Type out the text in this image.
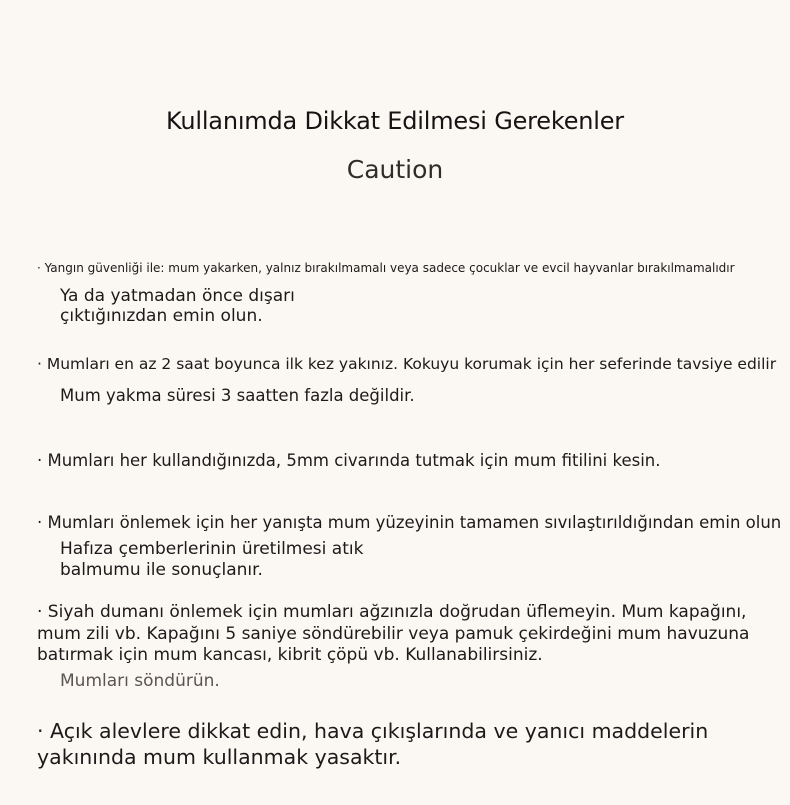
Kullanımda Dikkat Edilmesi Gerekenler
Caution
· Yangın güvenliği ile: mum yakarken, yalnız bırakılmamalı veya sadece çocuklar ve evcil hayvanlar bırakılmamalıdır
Ya da yatmadan önce dışarı
çıktığınızdan emin olun.
· Mumları en az 2 saat boyunca ilk kez yakınız. Kokuyu korumak için her seferinde tavsiye edilir
Mum yakma süresi 3 saatten fazla değildir.
· Mumları her kullandığınızda, 5mm civarında tutmak için mum fitilini kesin.
· Mumları önlemek için her yanışta mum yüzeyinin tamamen sıvılaştırıldığından emin olun
Hafıza çemberlerinin üretilmesi atık
balmumu ile sonuçlanır.
· Siyah dumanı önlemek için mumları ağzınızla doğrudan üflemeyin. Mum kapağını,
mum zili vb. Kapağını 5 saniye söndürebilir veya pamuk çekirdeğini mum havuzuna
batırmak için mum kancası, kibrit çöpü vb. Kullanabilirsiniz.
Mumları söndürün.
· Açık alevlere dikkat edin, hava çıkışlarında ve yanıcı maddelerin
yakınında mum kullanmak yasaktır.
